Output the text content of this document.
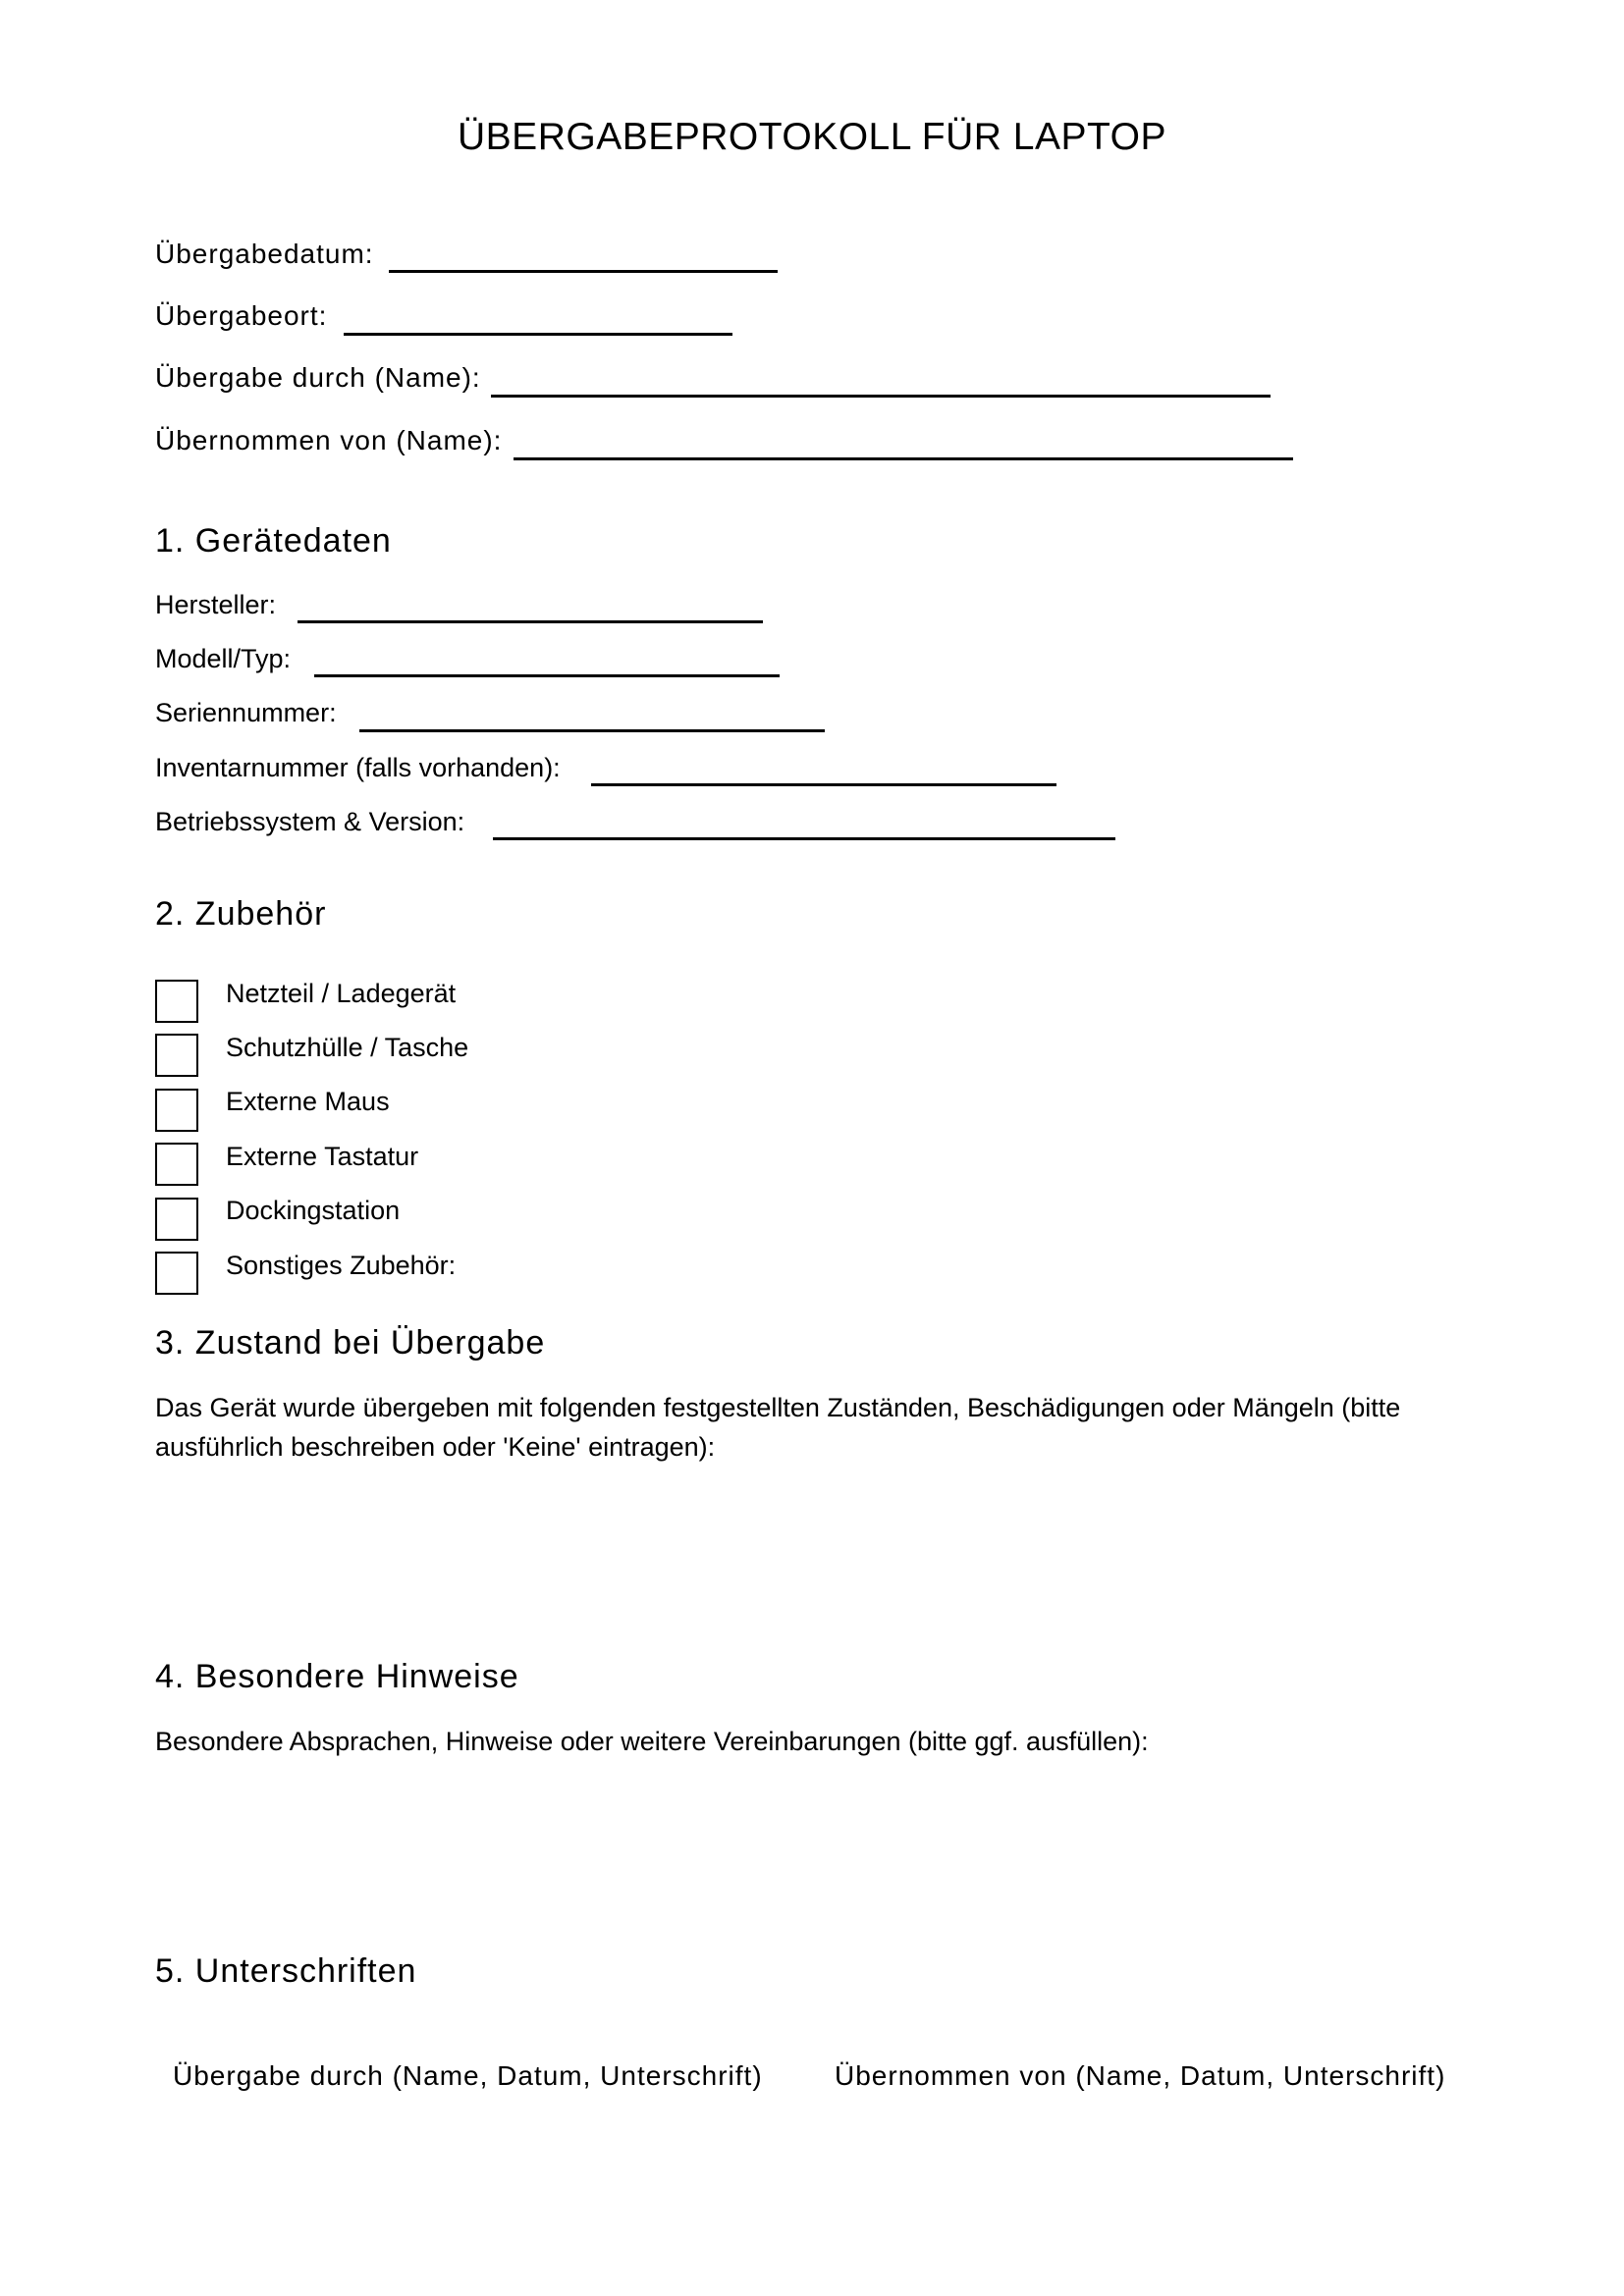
ÜBERGABEPROTOKOLL FÜR LAPTOP
Übergabedatum:
Übergabeort:
Übergabe durch (Name):
Übernommen von (Name):
1. Gerätedaten
Hersteller:
Modell/Typ:
Seriennummer:
Inventarnummer (falls vorhanden):
Betriebssystem & Version:
2. Zubehör
Netzteil / Ladegerät
Schutzhülle / Tasche
Externe Maus
Externe Tastatur
Dockingstation
Sonstiges Zubehör:
3. Zustand bei Übergabe
Das Gerät wurde übergeben mit folgenden festgestellten Zuständen, Beschädigungen oder Mängeln (bitte ausführlich beschreiben oder 'Keine' eintragen):
4. Besondere Hinweise
Besondere Absprachen, Hinweise oder weitere Vereinbarungen (bitte ggf. ausfüllen):
5. Unterschriften
Übergabe durch (Name, Datum, Unterschrift)	Übernommen von (Name, Datum, Unterschrift)
